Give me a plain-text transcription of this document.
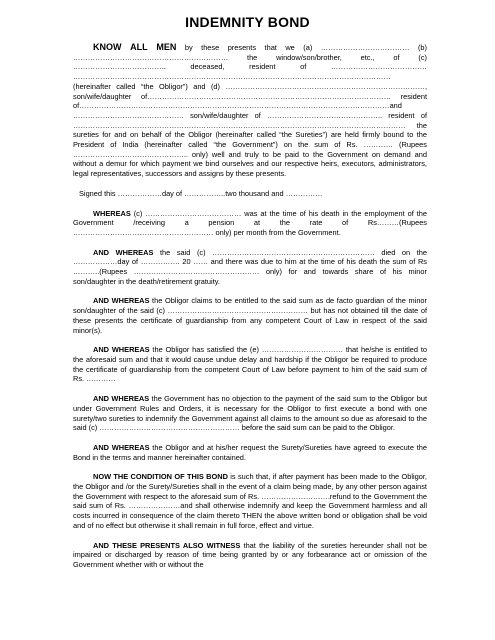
INDEMNITY BOND

KNOW ALL MEN by these presents that we (a) ……………………………… (b) ……………………………………………………… the window/son/brother, etc., of (c) ……………………………….. deceased, resident of ………………………………… ………………………………………………………………………………………………………………… (hereinafter called “the Obligor”) and (d) ………………………………………………………………………, son/wife/daughter of……………………………………………………………………………………… resident of………………………………………………………………………………………………………………and ……………………………………… son/wife/daughter of ……………………………………….. resident of ……………………………………………………………………………………………………………………… the sureties for and on behalf of the Obligor (hereinafter called “the Sureties”) are held firmly bound to the President of India (hereinafter called “the Government”) on the sum of Rs. ………… (Rupees ……………………………………….. only) well and truly to be paid to the Government on demand and without a demur for which payment we bind ourselves and our respective heirs, executors, administrators, legal representatives, successors and assigns by these presents.

Signed this ………………day of ……………..two thousand and ……………

WHEREAS (c) ………………………………… was at the time of his death in the employment of the Government /receiving a pension at the rate of Rs………(Rupees ………………………………………………… only) per month from the Government.

AND WHEREAS the said (c) ………………………………………………………… died on the ………………day of ……………. 20 …… and there was due to him at the time of his death the sum of Rs ………..(Rupees …………………………………………… only) for and towards share of his minor son/daughter in the death/retirement gratuity.

AND WHEREAS the Obligor claims to be entitled to the said sum as de facto guardian of the minor son/daughter of the said (c) ………………………………………………… but has not obtained till the date of these presents the certificate of guardianship from any competent Court of Law in respect of the said minor(s).

AND WHEREAS the Obligor has satisfied the (e) …………………………… that he/she is entitled to the aforesaid sum and that it would cause undue delay and hardship if the Obligor be required to produce the certificate of guardianship from the competent Court of Law before payment to him of the said sum of Rs. …………

AND WHEREAS the Government has no objection to the payment of the said sum to the Obligor but under Government Rules and Orders, it is necessary for the Obligor to first execute a bond with one surety/two sureties to indemnify the Government against all claims to the amount so due as aforesaid to the said (c) ………………………………………………… before the said sum can be paid to the Obligor.

AND WHEREAS the Obligor and at his/her request the Surety/Sureties have agreed to execute the Bond in the terms and manner hereinafter contained.

NOW THE CONDITION OF THIS BOND is such that, if after payment has been made to the Obligor, the Obligor and /or the Surety/Sureties shall in the event of a claim being made, by any other person against the Government with respect to the aforesaid sum of Rs. ……………………….refund to the Government the said sum of Rs. …………………and shall otherwise indemnify and keep the Government harmless and all costs incurred in consequence of the claim thereto THEN the above written bond or obligation shall be void and of no effect but otherwise it shall remain in full force, effect and virtue.

AND THESE PRESENTS ALSO WITNESS that the liability of the sureties hereunder shall not be impaired or discharged by reason of time being granted by or any forbearance act or omission of the Government whether with or without the
